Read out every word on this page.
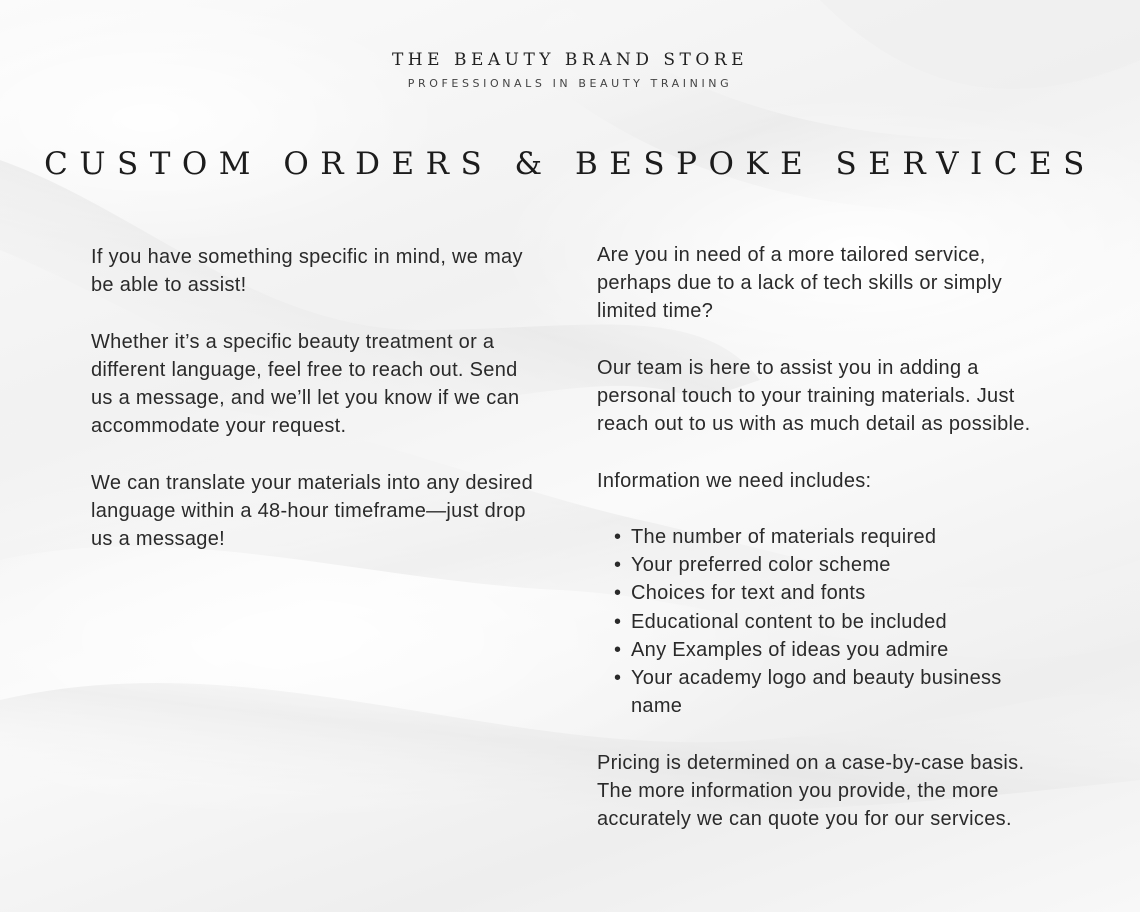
THE BEAUTY BRAND STORE
PROFESSIONALS IN BEAUTY TRAINING
CUSTOM ORDERS & BESPOKE SERVICES

If you have something specific in mind, we may be able to assist!

Whether it’s a specific beauty treatment or a different language, feel free to reach out. Send us a message, and we’ll let you know if we can accommodate your request.

We can translate your materials into any desired language within a 48-hour timeframe—just drop us a message!

Are you in need of a more tailored service, perhaps due to a lack of tech skills or simply limited time?

Our team is here to assist you in adding a personal touch to your training materials. Just reach out to us with as much detail as possible.

Information we need includes:

• The number of materials required
• Your preferred color scheme
• Choices for text and fonts
• Educational content to be included
• Any Examples of ideas you admire
• Your academy logo and beauty business name

Pricing is determined on a case-by-case basis. The more information you provide, the more accurately we can quote you for our services.
